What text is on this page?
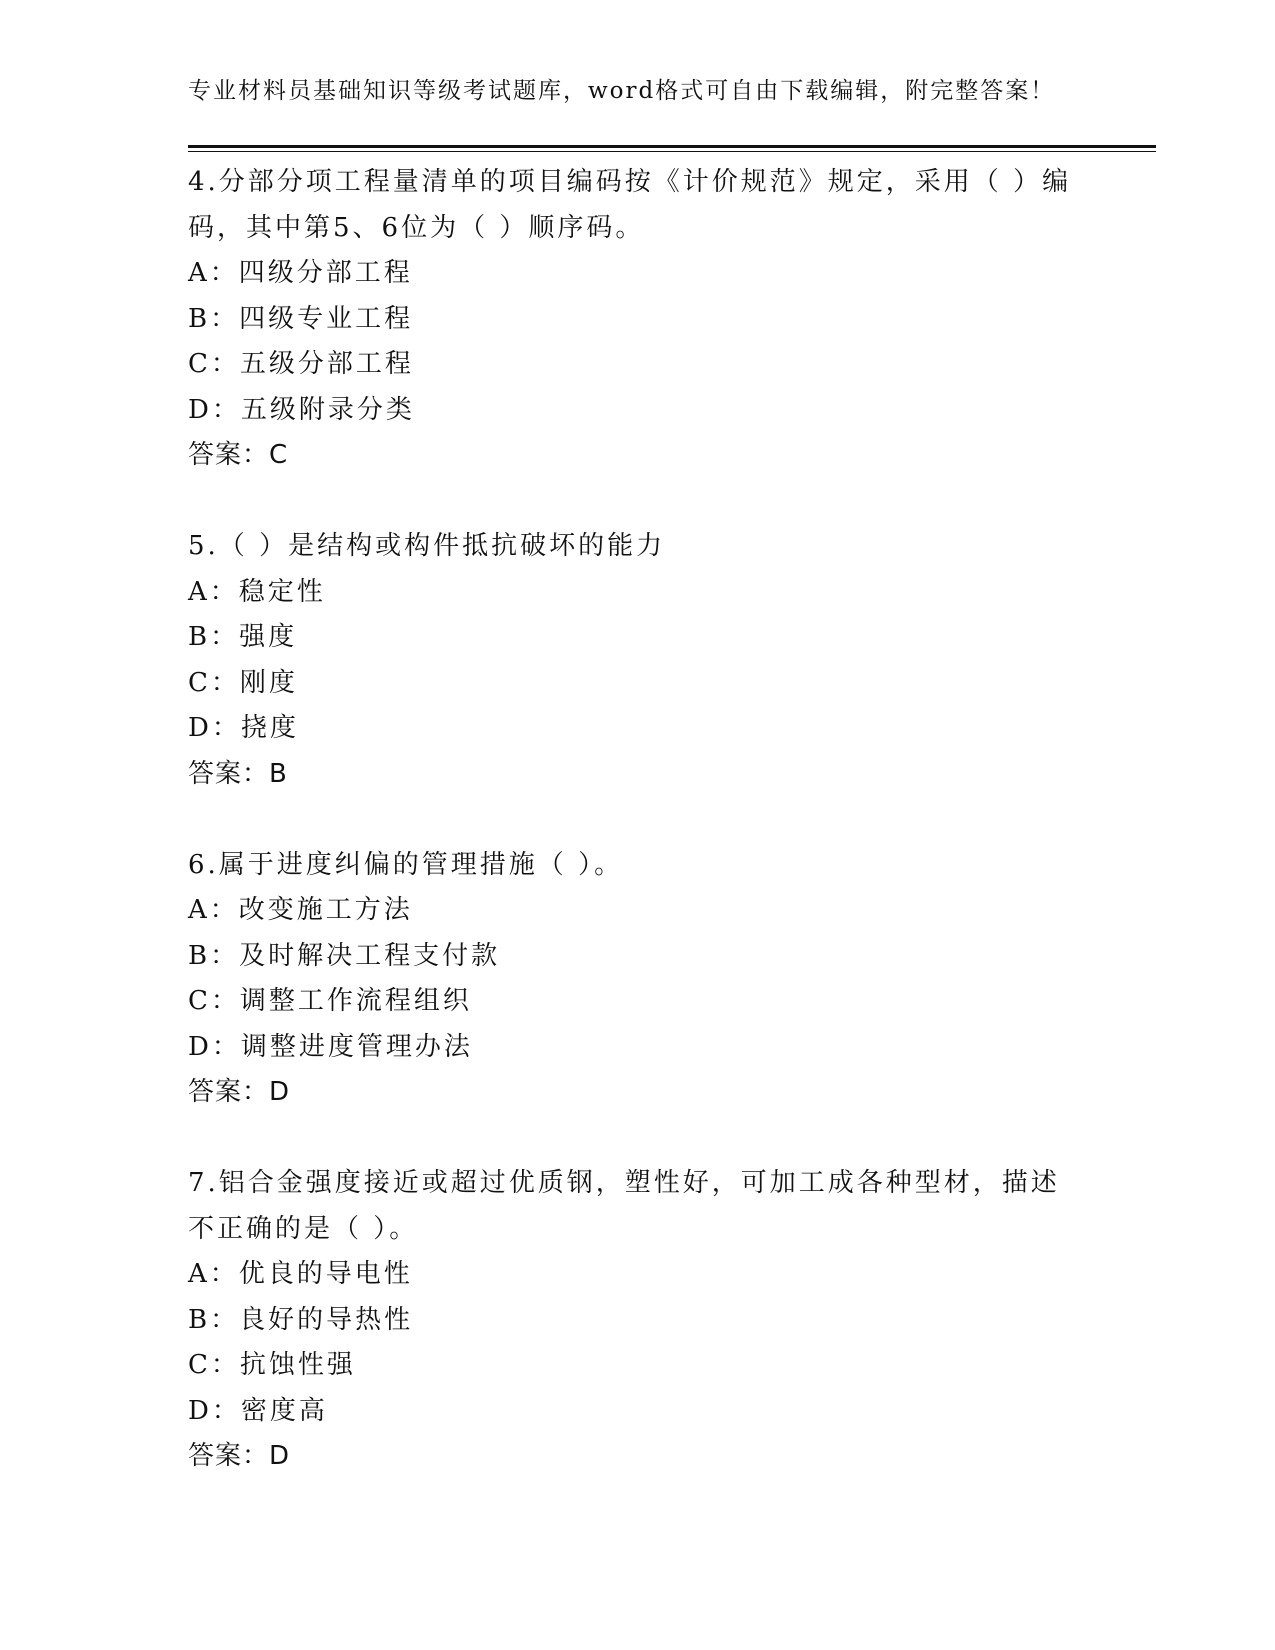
专业材料员基础知识等级考试题库，word格式可自由下载编辑，附完整答案！

4.分部分项工程量清单的项目编码按《计价规范》规定，采用（ ）编

码，其中第5、6位为（ ）顺序码。

A：四级分部工程

B：四级专业工程

C：五级分部工程

D：五级附录分类

答案：C

5.（ ）是结构或构件抵抗破坏的能力

A：稳定性

B：强度

C：刚度

D：挠度

答案：B

6.属于进度纠偏的管理措施（ ）。

A：改变施工方法

B：及时解决工程支付款

C：调整工作流程组织

D：调整进度管理办法

答案：D

7.铝合金强度接近或超过优质钢，塑性好，可加工成各种型材，描述

不正确的是（ ）。

A：优良的导电性

B：良好的导热性

C：抗蚀性强

D：密度高

答案：D
